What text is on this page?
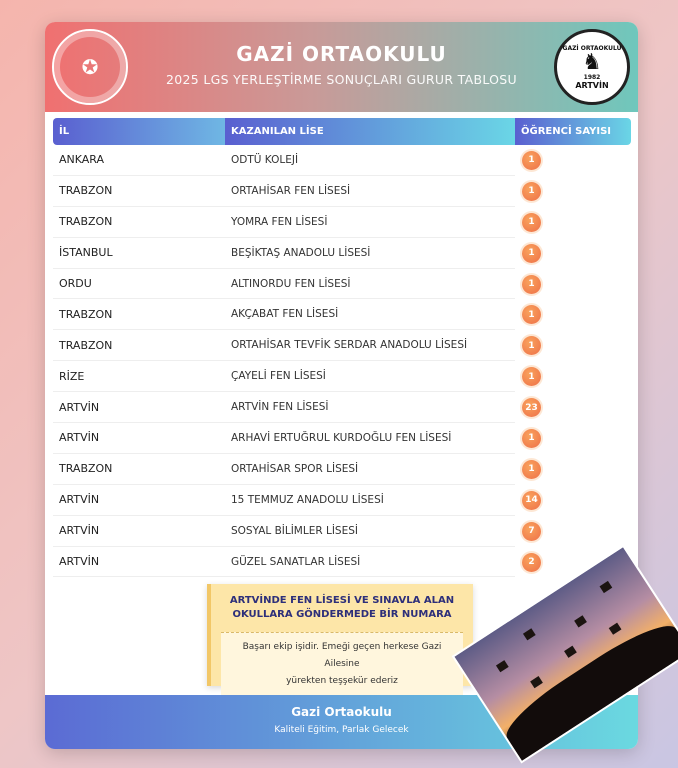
✪
GAZİ ORTAOKULU
2025 LGS YERLEŞTİRME SONUÇLARI GURUR TABLOSU
GAZİ ORTAOKULU
♞
1982
ARTVİN
İL	KAZANILAN LİSE	ÖĞRENCİ SAYISI
ANKARA	ODTÜ KOLEJİ	1
TRABZON	ORTAHİSAR FEN LİSESİ	1
TRABZON	YOMRA FEN LİSESİ	1
İSTANBUL	BEŞİKTAŞ ANADOLU LİSESİ	1
ORDU	ALTINORDU FEN LİSESİ	1
TRABZON	AKÇABAT FEN LİSESİ	1
TRABZON	ORTAHİSAR TEVFİK SERDAR ANADOLU LİSESİ	1
RİZE	ÇAYELİ FEN LİSESİ	1
ARTVİN	ARTVİN FEN LİSESİ	23
ARTVİN	ARHAVİ ERTUĞRUL KURDOĞLU FEN LİSESİ	1
TRABZON	ORTAHİSAR SPOR LİSESİ	1
ARTVİN	15 TEMMUZ ANADOLU LİSESİ	14
ARTVİN	SOSYAL BİLİMLER LİSESİ	7
ARTVİN	GÜZEL SANATLAR LİSESİ	2
ARTVİNDE FEN LİSESİ VE SINAVLA ALAN
OKULLARA GÖNDERMEDE BİR NUMARA
Başarı ekip işidir. Emeği geçen herkese Gazi Ailesine
yürekten teşşekür ederiz
Gazi Ortaokulu
Kaliteli Eğitim, Parlak Gelecek
